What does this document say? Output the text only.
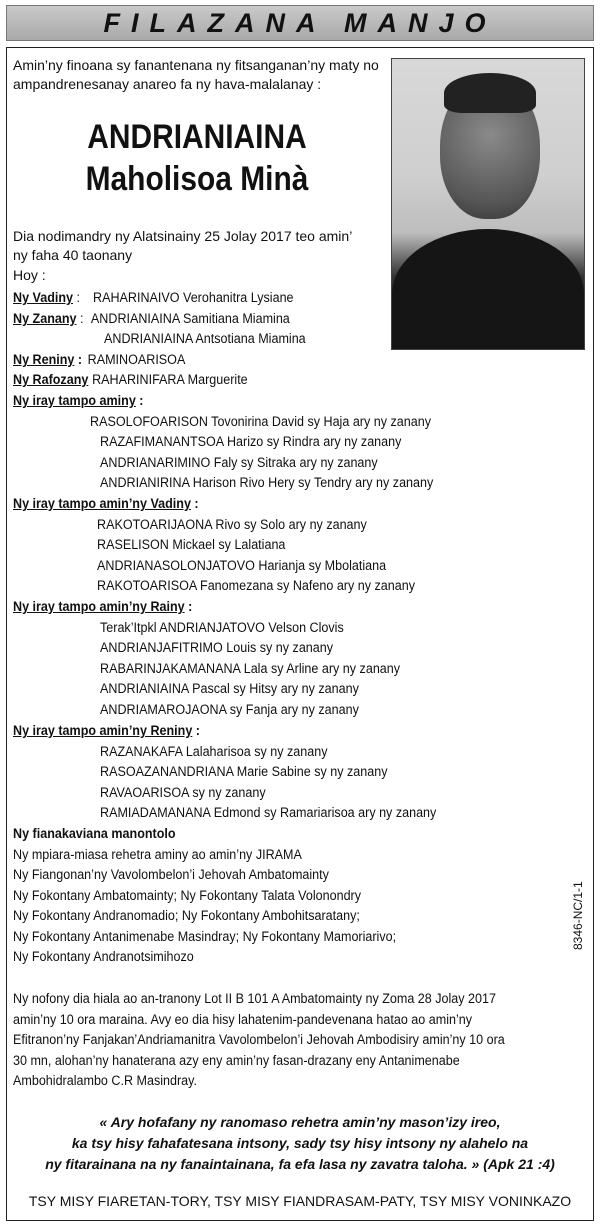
FILAZANA MANJO
Amin’ny finoana sy fanantenana ny fitsanganan’ny maty no
ampandrenesanay anareo fa ny hava-malalanay :
ANDRIANIAINA
Maholisoa Minà
Dia nodimandry ny Alatsinainy 25 Jolay 2017 teo amin’
ny faha 40 taonany
Hoy :
Ny Vadiny : RAHARINAIVO Verohanitra Lysiane
Ny Zanany : ANDRIANIAINA Samitiana Miamina
ANDRIANIAINA Antsotiana Miamina
Ny Reniny : RAMINOARISOA
Ny Rafozany RAHARINIFARA Marguerite
Ny iray tampo aminy :
RASOLOFOARISON Tovonirina David sy Haja ary ny zanany
RAZAFIMANANTSOA Harizo sy Rindra ary ny zanany
ANDRIANARIMINO Faly sy Sitraka ary ny zanany
ANDRIANIRINA Harison Rivo Hery sy Tendry ary ny zanany
Ny iray tampo amin’ny Vadiny :
RAKOTOARIJAONA Rivo sy Solo ary ny zanany
RASELISON Mickael sy Lalatiana
ANDRIANASOLONJATOVO Harianja sy Mbolatiana
RAKOTOARISOA Fanomezana sy Nafeno ary ny zanany
Ny iray tampo amin’ny Rainy :
Terak’Itpkl ANDRIANJATOVO Velson Clovis
ANDRIANJAFITRIMO Louis sy ny zanany
RABARINJAKAMANANA Lala sy Arline ary ny zanany
ANDRIANIAINA Pascal sy Hitsy ary ny zanany
ANDRIAMAROJAONA sy Fanja ary ny zanany
Ny iray tampo amin’ny Reniny :
RAZANAKAFA Lalaharisoa sy ny zanany
RASOAZANANDRIANA Marie Sabine sy ny zanany
RAVAOARISOA sy ny zanany
RAMIADAMANANA Edmond sy Ramariarisoa ary ny zanany
Ny fianakaviana manontolo
Ny mpiara-miasa rehetra aminy ao amin’ny JIRAMA
Ny Fiangonan’ny Vavolombelon’i Jehovah Ambatomainty
Ny Fokontany Ambatomainty; Ny Fokontany Talata Volonondry
Ny Fokontany Andranomadio; Ny Fokontany Ambohitsaratany;
Ny Fokontany Antanimenabe Masindray; Ny Fokontany Mamoriarivo;
Ny Fokontany Andranotsimihozo
8346-NC/1-1
Ny nofony dia hiala ao an-tranony Lot II B 101 A Ambatomainty ny Zoma 28 Jolay 2017
amin’ny 10 ora maraina. Avy eo dia hisy lahatenim-pandevenana hatao ao amin’ny
Efitranon’ny Fanjakan’Andriamanitra Vavolombelon’i Jehovah Ambodisiry amin’ny 10 ora
30 mn, alohan’ny hanaterana azy eny amin’ny fasan-drazany eny Antanimenabe
Ambohidralambo C.R Masindray.
« Ary hofafany ny ranomaso rehetra amin’ny mason’izy ireo,
ka tsy hisy fahafatesana intsony, sady tsy hisy intsony ny alahelo na
ny fitarainana na ny fanaintainana, fa efa lasa ny zavatra taloha. » (Apk 21 :4)
TSY MISY FIARETAN-TORY, TSY MISY FIANDRASAM-PATY, TSY MISY VONINKAZO
